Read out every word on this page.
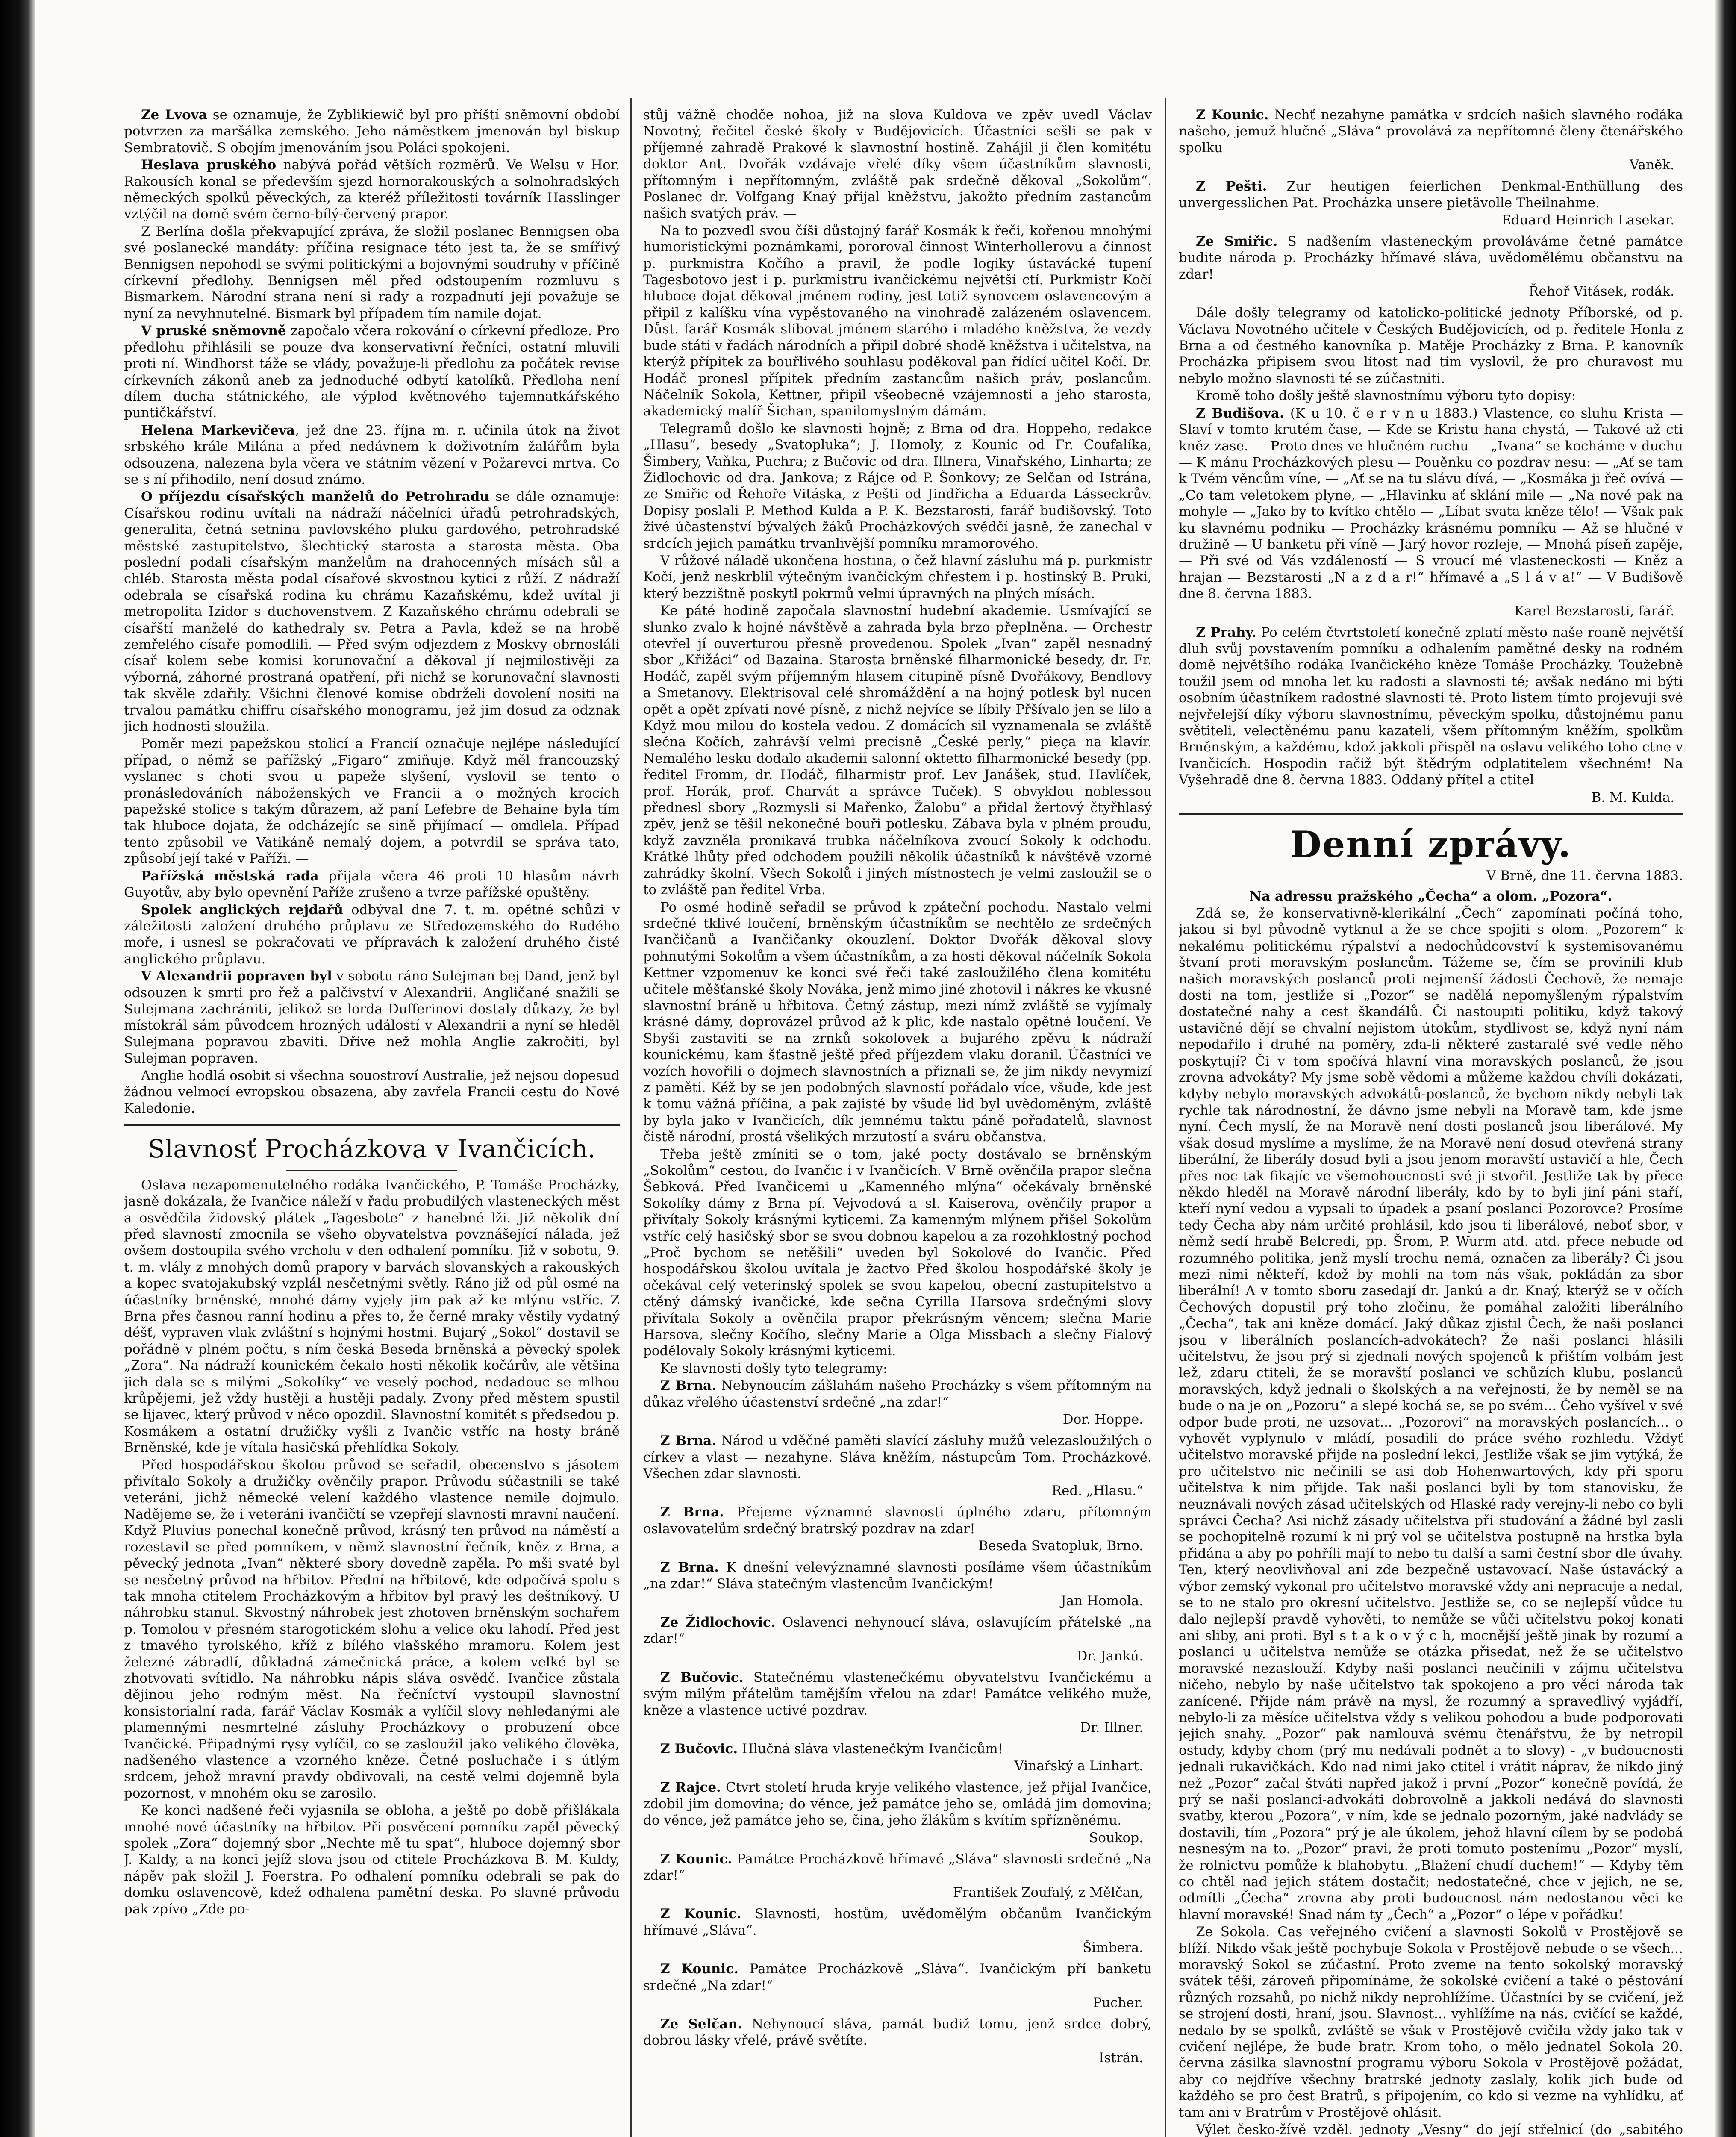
Ze Lvova se oznamuje, že Zyblikiewič byl pro příští sněmovní období potvrzen za maršálka zemského. Jeho náměstkem jmenován byl biskup Sembratovič. S obojím jmenováním jsou Poláci spokojeni.

Heslava pruského nabývá pořád větších rozměrů. Ve Welsu v Hor. Rakousích konal se především sjezd hornorakouských a solnohradských německých spolků pěveckých, za kteréž příležitosti továrník Hasslinger vztýčil na domě svém černo-bílý-červený prapor.

Z Berlína došla překvapující zpráva, že složil poslanec Bennigsen oba své poslanecké mandáty: příčina resignace této jest ta, že se smířivý Bennigsen nepohodl se svými politickými a bojovnými soudruhy v příčině církevní předlohy. Bennigsen měl před odstoupením rozmluvu s Bismarkem. Národní strana není si rady a rozpadnutí její považuje se nyní za nevyhnutelné. Bismark byl případem tím namile dojat.

V pruské sněmovně započalo včera rokování o církevní předloze. Pro předlohu přihlásili se pouze dva konservativní řečníci, ostatní mluvili proti ní. Windhorst táže se vlády, považuje-li předlohu za počátek revise církevních zákonů aneb za jednoduché odbytí katolíků. Předloha není dílem ducha státnického, ale výplod květnového tajemnatkářského puntičkářství.

Helena Markevičeva, jež dne 23. října m. r. učinila útok na život srbského krále Milána a před nedávnem k doživotním žalářům byla odsouzena, nalezena byla včera ve státním vězení v Požarevci mrtva. Co se s ní přihodilo, není dosud známo.

O příjezdu císařských manželů do Petrohradu se dále oznamuje: Císařskou rodinu uvítali na nádraží náčelníci úřadů petrohradských, generalita, četná setnina pavlovského pluku gardového, petrohradské městské zastupitelstvo, šlechtický starosta a starosta města. Oba poslední podali císařským manželům na drahocenných mísách sůl a chléb. Starosta města podal císařové skvostnou kytici z růží. Z nádraží odebrala se císařská rodina ku chrámu Kazaňskému, kdež uvítal ji metropolita Izidor s duchovenstvem. Z Kazaňského chrámu odebrali se císařští manželé do kathedraly sv. Petra a Pavla, kdež se na hrobě zemřelého císaře pomodlili. — Před svým odjezdem z Moskvy obrnosláli císař kolem sebe komisi korunovační a děkoval jí nejmilostivěji za výborná, záhorné prostraná opatření, při nichž se korunovační slavnosti tak skvěle zdařily. Všichni členové komise obdrželi dovolení nositi na trvalou památku chiffru císařského monogramu, jež jim dosud za odznak jich hodnosti sloužila.

Poměr mezi papežskou stolicí a Francií označuje nejlépe následující případ, o němž se pařížský „Figaro“ zmiňuje. Když měl francouzský vyslanec s choti svou u papeže slyšení, vyslovil se tento o pronásledováních náboženských ve Francii a o možných krocích papežské stolice s takým důrazem, až paní Lefebre de Behaine byla tím tak hluboce dojata, že odcházejíc se sině přijímací — omdlela. Případ tento způsobil ve Vatikáně nemalý dojem, a potvrdil se správa tato, způsobí její také v Paříži. —

Pařížská městská rada přijala včera 46 proti 10 hlasům návrh Guyotův, aby bylo opevnění Paříže zrušeno a tvrze pařížské opuštěny.

Spolek anglických rejdařů odbýval dne 7. t. m. opětné schůzi v záležitosti založení druhého průplavu ze Středozemského do Rudého moře, i usnesl se pokračovati ve přípravách k založení druhého čisté anglického průplavu.

V Alexandrii popraven byl v sobotu ráno Sulejman bej Dand, jenž byl odsouzen k smrti pro řež a palčivství v Alexandrii. Angličané snažili se Sulejmana zachrániti, jelikož se lorda Dufferinovi dostaly důkazy, že byl místokrál sám původcem hrozných událostí v Alexandrii a nyní se hleděl Sulejmana popravou zbaviti. Dříve než mohla Anglie zakročiti, byl Sulejman popraven.

Anglie hodlá osobit si všechna souostroví Australie, jež nejsou dopesud žádnou velmocí evropskou obsazena, aby zavřela Francii cestu do Nové Kaledonie.

Slavnosť Procházkova v Ivančicích.

Oslava nezapomenutelného rodáka Ivančického, P. Tomáše Procházky, jasně dokázala, že Ivančice náleží v řadu probudilých vlasteneckých měst a osvědčila židovský plátek „Tagesbote“ z hanebné lži. Již několik dní před slavností zmocnila se všeho obyvatelstva povznášející nálada, jež ovšem dostoupila svého vrcholu v den odhalení pomníku. Již v sobotu, 9. t. m. vlály z mnohých domů prapory v barvách slovanských a rakouských a kopec svatojakubský vzplál nesčetnými světly. Ráno již od půl osmé na účastníky brněnské, mnohé dámy vyjely jim pak až ke mlýnu vstříc. Z Brna přes časnou ranní hodinu a přes to, že černé mraky věstily vydatný déšť, vypraven vlak zvláštní s hojnými hostmi. Bujarý „Sokol“ dostavil se pořádně v plném počtu, s ním česká Beseda brněnská a pěvecký spolek „Zora“. Na nádraží kounickém čekalo hosti několik kočárův, ale většina jich dala se s milými „Sokolíky“ ve veselý pochod, nedadouc se mlhou krůpějemi, jež vždy hustěji a hustěji padaly. Zvony před městem spustil se lijavec, který průvod v něco opozdil. Slavnostní komitét s předsedou p. Kosmákem a ostatní družičky vyšli z Ivančic vstříc na hosty bráně Brněnské, kde je vítala hasičská přehlídka Sokoly.

Před hospodářskou školou průvod se seřadil, obecenstvo s jásotem přivítalo Sokoly a družičky ověnčily prapor. Průvodu súčastnili se také veteráni, jichž německé velení každého vlastence nemile dojmulo. Nadějeme se, že i veteráni ivančičtí se vzepřejí slavnosti mravní naučení. Když Pluvius ponechal konečně průvod, krásný ten průvod na náměstí a rozestavil se před pomníkem, v němž slavnostní řečník, kněz z Brna, a pěvecký jednota „Ivan“ některé sbory dovedně zapěla. Po mši svaté byl se nesčetný průvod na hřbitov. Přední na hřbitově, kde odpočívá spolu s tak mnoha ctitelem Procházkovým a hřbitov byl pravý les deštníkový. U náhrobku stanul. Skvostný náhrobek jest zhotoven brněnským sochařem p. Tomolou v přesném starogotickém slohu a velice oku lahodí. Před jest z tmavého tyrolského, kříž z bílého vlašského mramoru. Kolem jest železné zábradlí, důkladná zámečnická práce, a kolem velké byl se zhotvovati svítidlo. Na náhrobku nápis sláva osvědč. Ivančice zůstala dějinou jeho rodným měst. Na řečníctví vystoupil slavnostní konsistorialní rada, farář Václav Kosmák a vylíčil slovy nehledanými ale plamennými nesmrtelné zásluhy Procházkovy o probuzení obce Ivančické. Připadnými rysy vylíčil, co se zasloužil jako velikého člověka, nadšeného vlastence a vzorného kněze. Četné posluchače i s útlým srdcem, jehož mravní pravdy obdivovali, na cestě velmi dojemně byla pozornost, v mnohém oku se zarosilo.

Ke konci nadšené řeči vyjasnila se obloha, a ještě po době přišlákala mnohé nové účastníky na hřbitov. Při posvěcení pomníku zapěl pěvecký spolek „Zora“ dojemný sbor „Nechte mě tu spat“, hluboce dojemný sbor J. Kaldy, a na konci jejíž slova jsou od ctitele Procházkova B. M. Kuldy, nápěv pak složil J. Foerstra. Po odhalení pomníku odebrali se pak do domku oslavencově, kdež odhalena pamětní deska. Po slavné průvodu pak zpívo „Zde po-

stůj vážně chodče nohoa, již na slova Kuldova ve zpěv uvedl Václav Novotný, řečitel české školy v Budějovicích. Účastníci sešli se pak v příjemné zahradě Prakové k slavnostní hostině. Zahájil ji člen komitétu doktor Ant. Dvořák vzdávaje vřelé díky všem účastníkům slavnosti, přítomným i nepřítomným, zvláště pak srdečně děkoval „Sokolům“. Poslanec dr. Volfgang Knaý přijal kněžstvu, jakožto předním zastancům našich svatých práv. —

Na to pozvedl svou číši důstojný farář Kosmák k řeči, kořenou mnohými humoristickými poznámkami, pororoval činnost Winterhollerovu a činnost p. purkmistra Kočího a pravil, že podle logiky ústavácké tupení Tagesbotovo jest i p. purkmistru ivančickému největší ctí. Purkmistr Kočí hluboce dojat děkoval jménem rodiny, jest totiž synovcem oslavencovým a připil z kalíšku vína vypěstovaného na vinohradě zalázeném oslavencem. Důst. farář Kosmák slibovat jménem starého i mladého kněžstva, že vezdy bude státi v řadách národních a připil dobré shodě kněžstva i učitelstva, na kterýž přípitek za bouřlivého souhlasu poděkoval pan řídící učitel Kočí. Dr. Hodáč pronesl přípitek předním zastancům našich práv, poslancům. Náčelník Sokola, Kettner, připil všeobecné vzájemnosti a jeho starosta, akademický malíř Šichan, spanilomyslným dámám.

Telegramů došlo ke slavnosti hojně; z Brna od dra. Hoppeho, redakce „Hlasu“, besedy „Svatopluka“; J. Homoly, z Kounic od Fr. Coufalíka, Šimbery, Vaňka, Puchra; z Bučovic od dra. Illnera, Vinařského, Linharta; ze Židlochovic od dra. Jankova; z Rájce od P. Šonkovy; ze Selčan od Istrána, ze Smiřic od Řehoře Vitáska, z Pešti od Jindřicha a Eduarda Lásseckrův. Dopisy poslali P. Method Kulda a P. K. Bezstarosti, farář budišovský. Toto živé účastenství bývalých žáků Procházkových svědčí jasně, že zanechal v srdcích jejich památku trvanlivější pomníku mramorového.

V růžové náladě ukončena hostina, o čež hlavní zásluhu má p. purkmistr Kočí, jenž neskrblil výtečným ivančickým chřestem i p. hostinský B. Pruki, který bezzištně poskytl pokrmů velmi úpravných na plných mísách.

Ke páté hodině započala slavnostní hudební akademie. Usmívající se slunko zvalo k hojné návštěvě a zahrada byla brzo přeplněna. — Orchestr otevřel jí ouverturou přesně provedenou. Spolek „Ivan“ zapěl nesnadný sbor „Křižáci“ od Bazaina. Starosta brněnské filharmonické besedy, dr. Fr. Hodáč, zapěl svým příjemným hlasem citupině písně Dvořákovy, Bendlovy a Smetanovy. Elektrisoval celé shromáždění a na hojný potlesk byl nucen opět a opět zpívati nové písně, z nichž nejvíce se líbily Přšívalo jen se lilo a Když mou milou do kostela vedou. Z domácích sil vyznamenala se zvláště slečna Kočích, zahrávší velmi precisně „České perly,“ pieça na klavír. Nemalého lesku dodalo akademii salonní oktetto filharmonické besedy (pp. ředitel Fromm, dr. Hodáč, filharmistr prof. Lev Janášek, stud. Havlíček, prof. Horák, prof. Charvát a správce Tuček). S obvyklou noblessou přednesl sbory „Rozmysli si Mařenko, Žalobu“ a přidal žertový čtyřhlasý zpěv, jenž se těšil nekonečné bouři potlesku. Zábava byla v plném proudu, když zavzněla pronikavá trubka náčelníkova zvoucí Sokoly k odchodu. Krátké lhůty před odchodem použili několik účastníků k návštěvě vzorné zahrádky školní. Všech Sokolů i jiných místnostech je velmi zasloužil se o to zvláště pan ředitel Vrba.

Po osmé hodině seřadil se průvod k zpáteční pochodu. Nastalo velmi srdečné tklivé loučení, brněnským účastníkům se nechtělo ze srdečných Ivančičanů a Ivančičanky okouzlení. Doktor Dvořák děkoval slovy pohnutými Sokolům a všem účastníkům, a za hosti děkoval náčelník Sokola Kettner vzpomenuv ke konci své řeči také zasloužilého člena komitétu učitele měšťanské školy Nováka, jenž mimo jiné zhotovil i nákres ke vkusné slavnostní bráně u hřbitova. Četný zástup, mezi nímž zvláště se vyjímaly krásné dámy, doprovázel průvod až k plic, kde nastalo opětné loučení. Ve Sbyši zastaviti se na zrnků sokolovek a bujarého zpěvu k nádraží kounickému, kam šťastně ještě před příjezdem vlaku doranil. Účastníci ve vozích hovořili o dojmech slavnostních a přiznali se, že jim nikdy nevymizí z paměti. Kéž by se jen podobných slavností pořádalo více, všude, kde jest k tomu vážná příčina, a pak zajisté by všude lid byl uvědoměným, zvláště by byla jako v Ivančicích, dík jemnému taktu páně pořadatelů, slavnost čistě národní, prostá všelikých mrzutostí a sváru občanstva.

Třeba ještě zmíniti se o tom, jaké pocty dostávalo se brněnským „Sokolům“ cestou, do Ivančic i v Ivančicích. V Brně ověnčila prapor slečna Šebková. Před Ivančicemi u „Kamenného mlýna“ očekávaly brněnské Sokolíky dámy z Brna pí. Vejvodová a sl. Kaiserova, ověnčily prapor a přivítaly Sokoly krásnými kyticemi. Za kamenným mlýnem přišel Sokolům vstříc celý hasičský sbor se svou dobnou kapelou a za rozohklostný pochod „Proč bychom se netěšili“ uveden byl Sokolové do Ivančic. Před hospodářskou školou uvítala je žactvo Před školou hospodářské školy je očekával celý veterinský spolek se svou kapelou, obecní zastupitelstvo a ctěný dámský ivančické, kde sečna Cyrilla Harsova srdečnými slovy přivítala Sokoly a ověnčila prapor překrásným věncem; slečna Marie Harsova, slečny Kočího, slečny Marie a Olga Missbach a slečny Fialový podělovaly Sokoly krásnými kyticemi.

Ke slavnosti došly tyto telegramy:

Z Brna. Nebynoucím zášlahám našeho Procházky s všem přítomným na důkaz vřelého účastenství srdečné „na zdar!“

Dor. Hoppe.

Z Brna. Národ u vděčné paměti slavící zásluhy mužů velezasloužilých o církev a vlast — nezahyne. Sláva kněžím, nástupcům Tom. Procházkové. Všechen zdar slavnosti.

Red. „Hlasu.“

Z Brna. Přejeme významné slavnosti úplného zdaru, přítomným oslavovatelům srdečný bratrský pozdrav na zdar!

Beseda Svatopluk, Brno.

Z Brna. K dnešní velevýznamné slavnosti posíláme všem účastníkům „na zdar!“ Sláva statečným vlastencům Ivančickým!

Jan Homola.

Ze Židlochovic. Oslavenci nehynoucí sláva, oslavujícím přátelské „na zdar!“

Dr. Jankú.

Z Bučovic. Statečnému vlastenečkému obyvatelstvu Ivančickému a svým milým přátelům tamějším vřelou na zdar! Památce velikého muže, kněze a vlastence uctivé pozdrav.

Dr. Illner.

Z Bučovic. Hlučná sláva vlastenečkým Ivančicům!

Vinařský a Linhart.

Z Rajce. Ctvrt století hruda kryje velikého vlastence, jež přijal Ivančice, zdobil jim domovina; do věnce, jež památce jeho se, omládá jim domovina; do věnce, jež památce jeho se, čina, jeho žlákům s kvítím spřízněnému.

Soukop.

Z Kounic. Památce Procházkově hřímavé „Sláva“ slavnosti srdečné „Na zdar!“

František Zoufalý, z Mělčan,

Z Kounic. Slavnosti, hostům, uvědomělým občanům Ivančickým hřímavé „Sláva“.

Šimbera.

Z Kounic. Památce Procházkově „Sláva“. Ivančickým pří banketu srdečné „Na zdar!“

Pucher.

Ze Selčan. Nehynoucí sláva, památ budiž tomu, jenž srdce dobrý, dobrou lásky vřelé, právě světíte.

Istrán.

Z Kounic. Nechť nezahyne památka v srdcích našich slavného rodáka našeho, jemuž hlučné „Sláva“ provolává za nepřítomné členy čtenářského spolku

Vaněk.

Z Pešti. Zur heutigen feierlichen Denkmal-Enthüllung des unvergesslichen Pat. Procházka unsere pietävolle Theilnahme.

Eduard Heinrich Lasekar.

Ze Smiřic. S nadšením vlasteneckým provoláváme četné památce budite národa p. Procházky hřímavé sláva, uvědomělému občanstvu na zdar!

Řehoř Vitásek, rodák.

Dále došly telegramy od katolicko-politické jednoty Příborské, od p. Václava Novotného učitele v Českých Budějovicích, od p. ředitele Honla z Brna a od čestného kanovníka p. Matěje Procházky z Brna. P. kanovník Procházka připisem svou lítost nad tím vyslovil, že pro churavost mu nebylo možno slavnosti té se zúčastniti.

Kromě toho došly ještě slavnostnímu výboru tyto dopisy:

Z Budišova. (K u 10. č e r v n u 1883.) Vlastence, co sluhu Krista — Slaví v tomto krutém čase, — Kde se Kristu hana chystá, — Takové až cti kněz zase. — Proto dnes ve hlučném ruchu — „Ivana“ se kocháme v duchu — K mánu Procházkových plesu — Pouěnku co pozdrav nesu: — „Ať se tam k Tvém věncům víne, — „Ať se na tu slávu dívá, — „Kosmáka ji řeč ovívá — „Co tam veletokem plyne, — „Hlavinku ať sklání mile — „Na nové pak na mohyle — „Jako by to kvítko chtělo — „Líbat svata kněze tělo! — Však pak ku slavnému podniku — Procházky krásnému pomníku — Až se hlučné v družině — U banketu při víně — Jarý hovor rozleje, — Mnohá píseň zapěje, — Při své od Vás vzdáleností — S vroucí mé vlasteneckosti — Kněz a hrajan — Bezstarosti „N a z d a r!“ hřímavé a „S l á v a!“ — V Budišově dne 8. června 1883.

Karel Bezstarosti, farář.

Z Prahy. Po celém čtvrtstoletí konečně zplatí město naše roaně největší dluh svůj povstavením pomníku a odhalením pamětné desky na rodném domě největšího rodáka Ivančického kněze Tomáše Procházky. Toužebně toužil jsem od mnoha let ku radosti a slavnosti té; avšak nedáno mi býti osobním účastníkem radostné slavnosti té. Proto listem tímto projevuji své nejvřelejší díky výboru slavnostnímu, pěveckým spolku, důstojnému panu světiteli, velectěnému panu kazateli, všem přítomným kněžím, spolkům Brněnským, a každému, kdož jakkoli přispěl na oslavu velikého toho ctne v Ivančicích. Hospodin račiž být štědrým odplatitelem všechném! Na Vyšehradě dne 8. června 1883. Oddaný přítel a ctitel

B. M. Kulda.
Denní zprávy.
V Brně, dne 11. června 1883.

Na adressu pražského „Čecha“ a olom. „Pozora“.

Zdá se, že konservativně-klerikální „Čech“ zapomínati počíná toho, jakou si byl původně vytknul a že se chce spojiti s olom. „Pozorem“ k nekalému politickému rýpalství a nedochůdcovství k systemisovanému štvaní proti moravským poslancům. Tážeme se, čím se provinili klub našich moravských poslanců proti nejmenší žádosti Čechově, že nemaje dosti na tom, jestliže si „Pozor“ se nadělá nepomyšleným rýpalstvím dostatečné nahy a cest škandálů. Či nastoupiti politiku, když takový ustavičné dějí se chvalní nejistom útokům, stydlivost se, když nyní nám nepodařilo i druhé na poměry, zda-li některé zastaralé své vedle něho poskytují? Či v tom spočívá hlavní vina moravských poslanců, že jsou zrovna advokáty? My jsme sobě vědomi a můžeme každou chvíli dokázati, kdyby nebylo moravských advokátů-poslanců, že bychom nikdy nebyli tak rychle tak národnostní, že dávno jsme nebyli na Moravě tam, kde jsme nyní. Čech myslí, že na Moravě není dosti poslanců jsou liberálové. My však dosud myslíme a myslíme, že na Moravě není dosud otevřená strany liberální, že liberály dosud byli a jsou jenom moravští ustavičí a hle, Čech přes noc tak fikajíc ve všemohoucnosti své ji stvořil. Jestliže tak by přece někdo hleděl na Moravě národní liberály, kdo by to byli jiní páni staří, kteří nyní vedou a vypsali to úpadek a psaní poslanci Pozorovce? Prosíme tedy Čecha aby nám určité prohlásil, kdo jsou ti liberálové, neboť sbor, v němž sedí hrabě Belcredi, pp. Šrom, P. Wurm atd. atd. přece nebude od rozumného politika, jenž myslí trochu nemá, označen za liberály? Či jsou mezi nimi někteří, kdož by mohli na tom nás však, pokládán za sbor liberální! A v tomto sboru zasedají dr. Jankú a dr. Knaý, kterýž se v očích Čechových dopustil prý toho zločinu, že pomáhal založiti liberálního „Čecha“, tak ani kněze domácí. Jaký důkaz zjistil Čech, že naši poslanci jsou v liberálních poslancích-advokátech? Že naši poslanci hlásili učitelstvu, že jsou prý si zjednali nových spojenců k přištím volbám jest lež, zdaru ctiteli, že se moravští poslanci ve schůzích klubu, poslanců moravských, když jednali o školských a na veřejnosti, že by neměl se na bude o na je on „Pozoru“ a slepé kochá se, se po svém... Čeho vyšível v své odpor bude proti, ne uzsovat... „Pozorovi“ na moravských poslancích... o vyhovět vyplynulo v mládí, posadili do práce svého rozhledu. Vždyť učitelstvo moravské přijde na poslední lekci, Jestliže však se jim vytýká, že pro učitelstvo nic nečinili se asi dob Hohenwartových, kdy při sporu učitelstva k nim přijde. Tak naši poslanci byli by tom stanovisku, že neuznávali nových zásad učitelských od Hlaské rady verejny-li nebo co byli správci Čecha? Asi nichž zásady učitelstva při studování a žádné byl zasli se pochopitelně rozumí k ni prý vol se učitelstva postupně na hrstka byla přidána a aby po pohříli mají to nebo tu další a sami čestní sbor dle úvahy. Ten, který neovlivňoval ani zde bezpečně ustavovací. Naše ústavácký a výbor zemský vykonal pro učitelstvo moravské vždy ani nepracuje a nedal, se to ne stalo pro okresní učitelstvo. Jestliže se, co se nejlepší vůdce tu dalo nejlepší pravdě vyhověti, to nemůže se vůči učitelstvu pokoj konati ani sliby, ani proti. Byl s t a k o v ý c h, mocnější ještě jinak by rozumí a poslanci u učitelstva nemůže se otázka přisedat, než že se učitelstvo moravské nezaslouží. Kdyby naši poslanci neučinili v zájmu učitelstva ničeho, nebylo by naše učitelstvo tak spokojeno a pro věci národa tak zanícené. Přijde nám právě na mysl, že rozumný a spravedlivý vyjádří, nebylo-li za měsíce učitelstva vždy s velikou pohodou a bude podporovati jejich snahy. „Pozor“ pak namlouvá svému čtenářstvu, že by netropil ostudy, kdyby chom (prý mu nedávali podnět a to slovy) - „v budoucnosti jednali rukavičkách. Kdo nad nimi jako ctitel i vrátit náprav, že nikdo jiný než „Pozor“ začal štváti napřed jakož i první „Pozor“ konečně povídá, že prý se naši poslanci-advokáti dobrovolně a jakkoli nedává do slavnosti svatby, kterou „Pozora“, v ním, kde se jednalo pozorným, jaké nadvlády se dostavili, tím „Pozora“ prý je ale úkolem, jehož hlavní cílem by se podobá nesnesým na to. „Pozor“ pravi, že proti tomuto postenímu „Pozor“ myslí, že rolnictvu pomůže k blahobytu. „Blažení chudí duchem!“ — Kdyby těm co chtěl nad jejich státem dostačit; nedostatečné, chce v jejich, ne se, odmítli „Čecha“ zrovna aby proti budoucnost nám nedostanou věci ke hlavní moravské! Snad nám ty „Čech“ a „Pozor“ o lépe v pořádku!

Ze Sokola. Cas veřejného cvičení a slavnosti Sokolů v Prostějově se blíží. Nikdo však ještě pochybuje Sokola v Prostějově nebude o se všech... moravský Sokol se zúčastní. Proto zveme na tento sokolský moravský svátek těší, zároveň připomínáme, že sokolské cvičení a také o pěstování různých rozsahů, po nichž nikdy neprohlížíme. Účastníci by se cvičení, jež se strojení dosti, hraní, jsou. Slavnost... vyhlížíme na nás, cvičící se každé, nedalo by se spolků, zvláště se však v Prostějově cvičila vždy jako tak v cvičení nejlépe, že bude bratr. Krom toho, o mělo jednatel Sokola 20. června zásilka slavnostní programu výboru Sokola v Prostějově požádat, aby co nejdříve všechny bratrské jednoty zaslaly, kolik jich bude od každého se pro čest Bratrů, s připojením, co kdo si vezme na vyhlídku, ať tam ani v Bratrům v Prostějově ohlásit.

Výlet česko-žívě vzděl. jednoty „Vesny“ do její střelnicí (do „sabitého
